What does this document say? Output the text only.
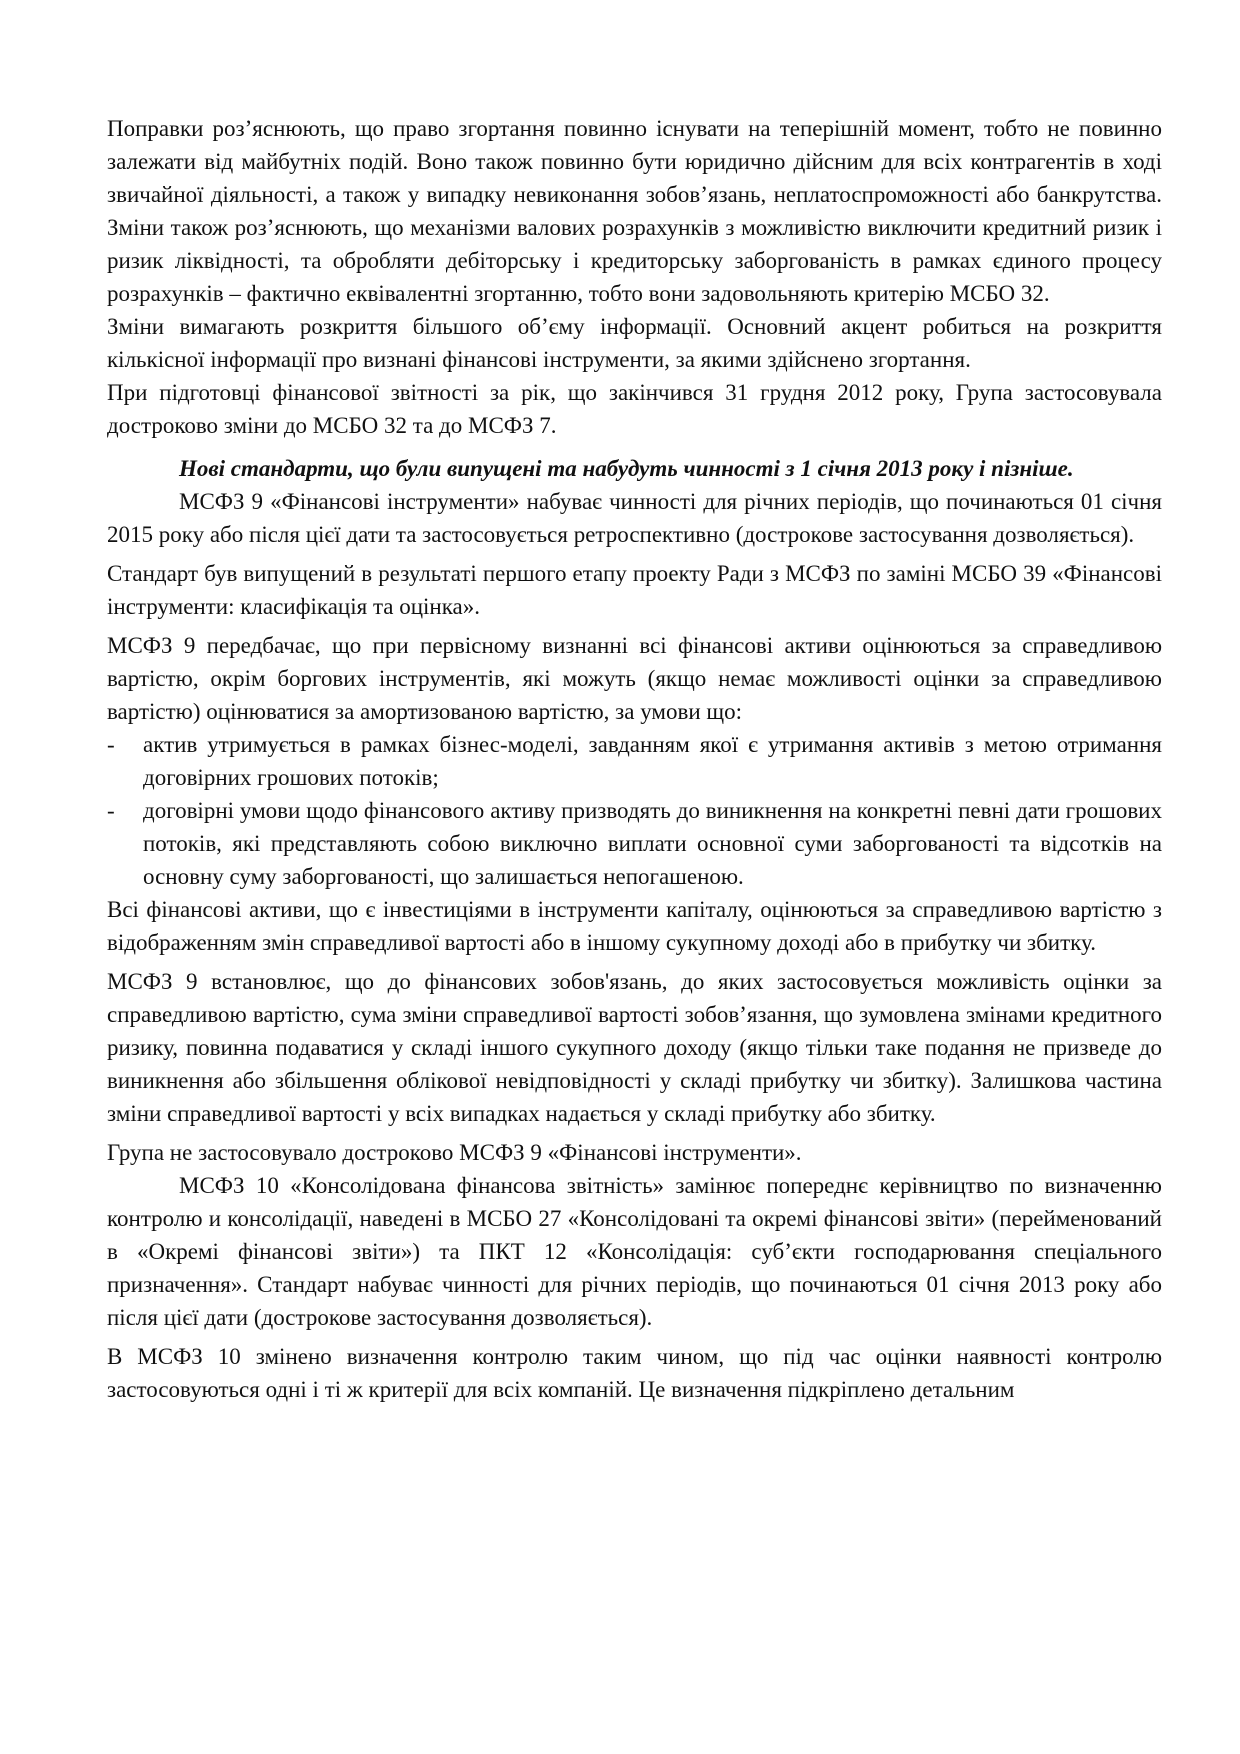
Поправки роз’яснюють, що право згортання повинно існувати на теперішній момент, тобто не повинно залежати від майбутніх подій. Воно також повинно бути юридично дійсним для всіх контрагентів в ході звичайної діяльності, а також у випадку невиконання зобов’язань, неплатоспроможності або банкрутства. Зміни також роз’яснюють, що механізми валових розрахунків з можливістю виключити кредитний ризик і ризик ліквідності, та обробляти дебіторську і кредиторську заборгованість в рамках єдиного процесу розрахунків – фактично еквівалентні згортанню, тобто вони задовольняють критерію МСБО 32.

Зміни вимагають розкриття більшого об’єму інформації. Основний акцент робиться на розкриття кількісної інформації про визнані фінансові інструменти, за якими здійснено згортання.

При підготовці фінансової звітності за рік, що закінчився 31 грудня 2012 року, Група застосовувала достроково зміни до МСБО 32 та до МСФЗ 7.

Нові стандарти, що були випущені та набудуть чинності з 1 січня 2013 року і пізніше.

МСФЗ 9 «Фінансові інструменти» набуває чинності для річних періодів, що починаються 01 січня 2015 року або після цієї дати та застосовується ретроспективно (дострокове застосування дозволяється).

Стандарт був випущений в результаті першого етапу проекту Ради з МСФЗ по заміні МСБО 39 «Фінансові інструменти: класифікація та оцінка».

МСФЗ 9 передбачає, що при первісному визнанні всі фінансові активи оцінюються за справедливою вартістю, окрім боргових інструментів, які можуть (якщо немає можливості оцінки за справедливою вартістю) оцінюватися за амортизованою вартістю, за умови що:

-	актив утримується в рамках бізнес-моделі, завданням якої є утримання активів з метою отримання договірних грошових потоків;
-	договірні умови щодо фінансового активу призводять до виникнення на конкретні певні дати грошових потоків, які представляють собою виключно виплати основної суми заборгованості та відсотків на основну суму заборгованості, що залишається непогашеною.

Всі фінансові активи, що є інвестиціями в інструменти капіталу, оцінюються за справедливою вартістю з відображенням змін справедливої вартості або в іншому сукупному доході або в прибутку чи збитку.

МСФЗ 9 встановлює, що до фінансових зобов'язань, до яких застосовується можливість оцінки за справедливою вартістю, сума зміни справедливої вартості зобов’язання, що зумовлена змінами кредитного ризику, повинна подаватися у складі іншого сукупного доходу (якщо тільки таке подання не призведе до виникнення або збільшення облікової невідповідності у складі прибутку чи збитку). Залишкова частина зміни справедливої вартості у всіх випадках надається у складі прибутку або збитку.

Група не застосовувало достроково МСФЗ 9 «Фінансові інструменти».

МСФЗ 10 «Консолідована фінансова звітність» замінює попереднє керівництво по визначенню контролю и консолідації, наведені в МСБО 27 «Консолідовані та окремі фінансові звіти» (перейменований в «Окремі фінансові звіти») та ПКТ 12 «Консолідація: суб’єкти господарювання спеціального призначення». Стандарт набуває чинності для річних періодів, що починаються 01 січня 2013 року або після цієї дати (дострокове застосування дозволяється).

В МСФЗ 10 змінено визначення контролю таким чином, що під час оцінки наявності контролю застосовуються одні і ті ж критерії для всіх компаній. Це визначення підкріплено детальним
